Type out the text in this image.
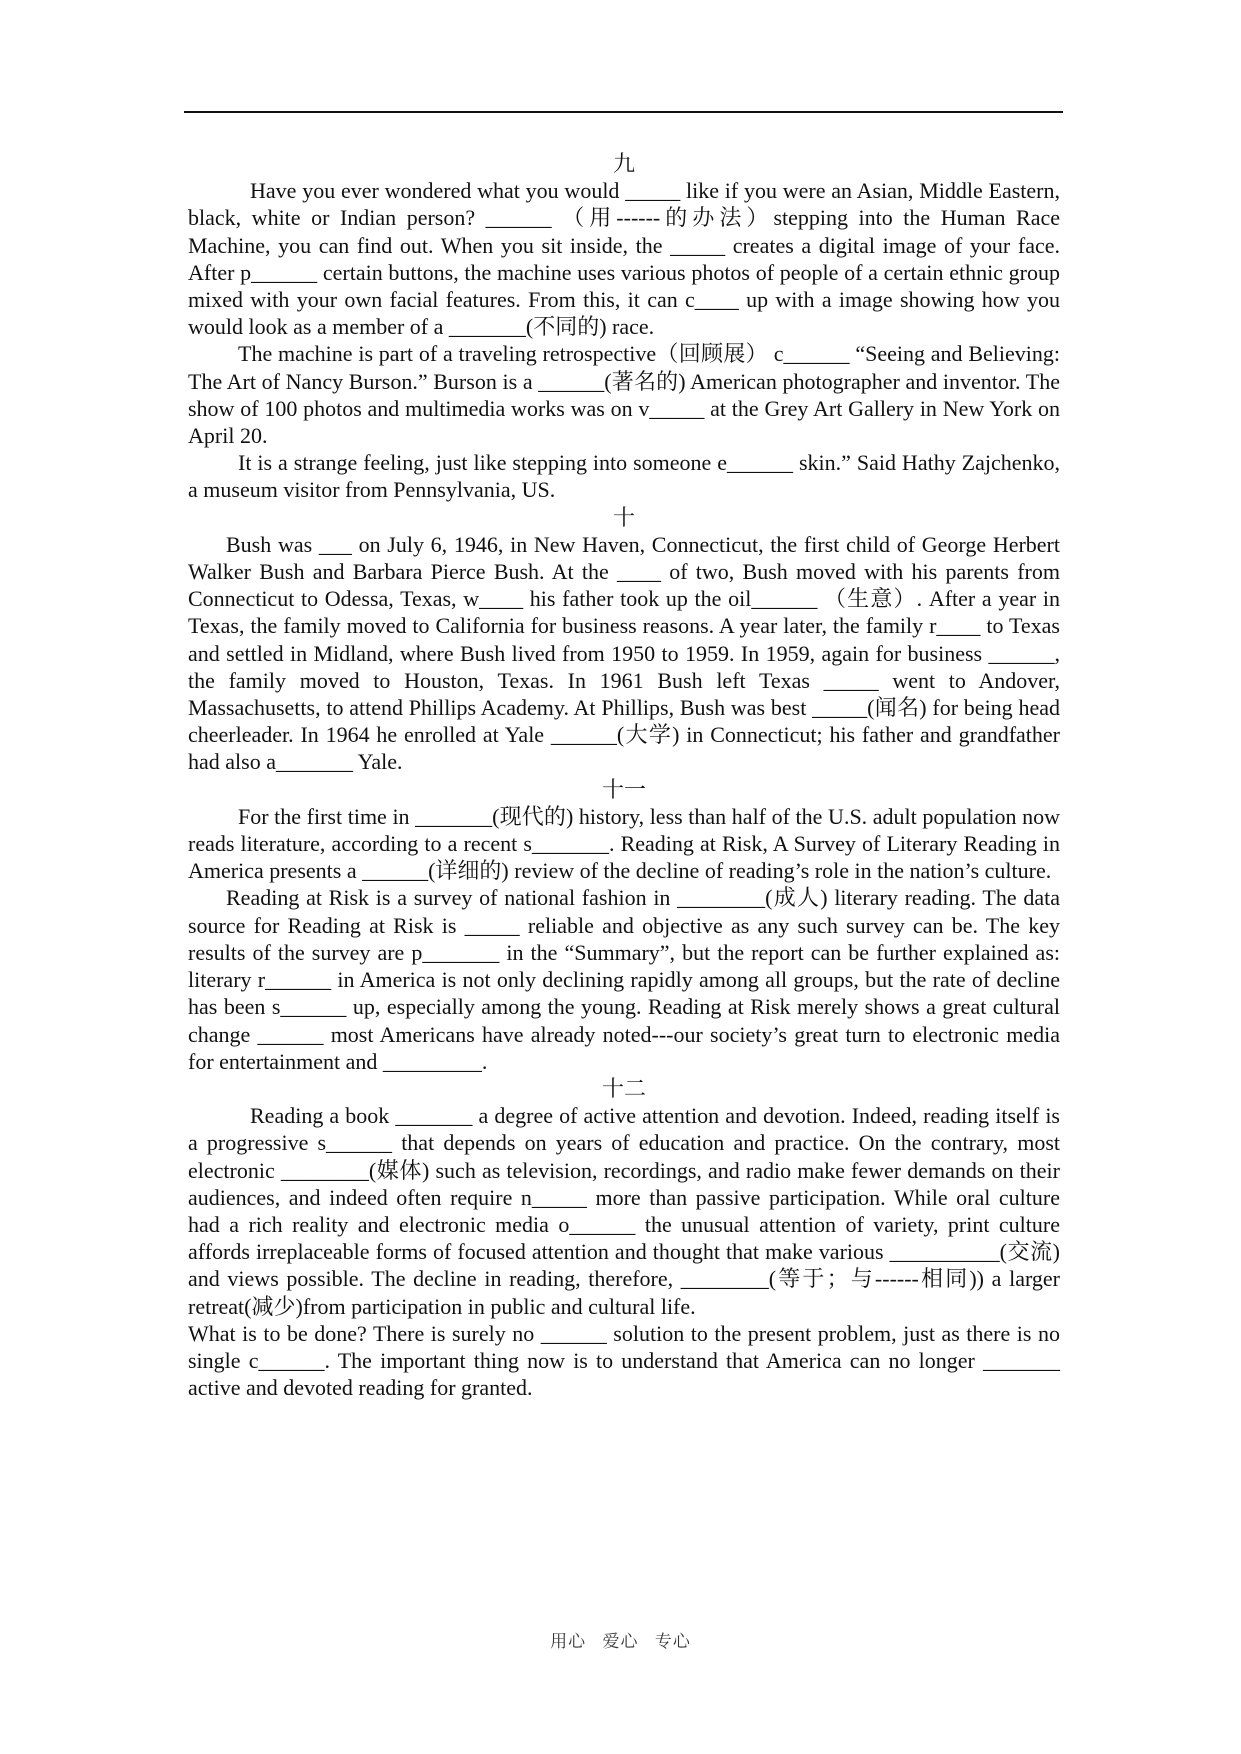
九

Have you ever wondered what you would _____ like if you were an Asian, Middle Eastern, black, white or Indian person? ______ （用------的办法）stepping into the Human Race Machine, you can find out. When you sit inside, the _____ creates a digital image of your face. After p______ certain buttons, the machine uses various photos of people of a certain ethnic group mixed with your own facial features. From this, it can c____ up with a image showing how you would look as a member of a _______(不同的) race.

The machine is part of a traveling retrospective（回顾展） c______ “Seeing and Believing: The Art of Nancy Burson.” Burson is a ______(著名的) American photographer and inventor. The show of 100 photos and multimedia works was on v_____ at the Grey Art Gallery in New York on April 20.

It is a strange feeling, just like stepping into someone e______ skin.” Said Hathy Zajchenko, a museum visitor from Pennsylvania, US.

十

Bush was ___ on July 6, 1946, in New Haven, Connecticut, the first child of George Herbert Walker Bush and Barbara Pierce Bush. At the ____ of two, Bush moved with his parents from Connecticut to Odessa, Texas, w____ his father took up the oil______ （生意）. After a year in Texas, the family moved to California for business reasons. A year later, the family r____ to Texas and settled in Midland, where Bush lived from 1950 to 1959. In 1959, again for business ______, the family moved to Houston, Texas. In 1961 Bush left Texas _____ went to Andover, Massachusetts, to attend Phillips Academy. At Phillips, Bush was best _____(闻名) for being head cheerleader. In 1964 he enrolled at Yale ______(大学) in Connecticut; his father and grandfather had also a_______ Yale.

十一

For the first time in _______(现代的) history, less than half of the U.S. adult population now reads literature, according to a recent s_______. Reading at Risk, A Survey of Literary Reading in America presents a ______(详细的) review of the decline of reading’s role in the nation’s culture.

Reading at Risk is a survey of national fashion in ________(成人) literary reading. The data source for Reading at Risk is _____ reliable and objective as any such survey can be. The key results of the survey are p_______ in the “Summary”, but the report can be further explained as: literary r______ in America is not only declining rapidly among all groups, but the rate of decline has been s______ up, especially among the young. Reading at Risk merely shows a great cultural change ______ most Americans have already noted---our society’s great turn to electronic media for entertainment and _________.

十二

Reading a book _______ a degree of active attention and devotion. Indeed, reading itself is a progressive s______ that depends on years of education and practice. On the contrary, most electronic ________(媒体) such as television, recordings, and radio make fewer demands on their audiences, and indeed often require n_____ more than passive participation. While oral culture had a rich reality and electronic media o______ the unusual attention of variety, print culture affords irreplaceable forms of focused attention and thought that make various __________(交流) and views possible. The decline in reading, therefore, ________(等于；与------相同)) a larger retreat(减少)from participation in public and cultural life.

What is to be done? There is surely no ______ solution to the present problem, just as there is no single c______. The important thing now is to understand that America can no longer _______ active and devoted reading for granted.

用心 爱心 专心
